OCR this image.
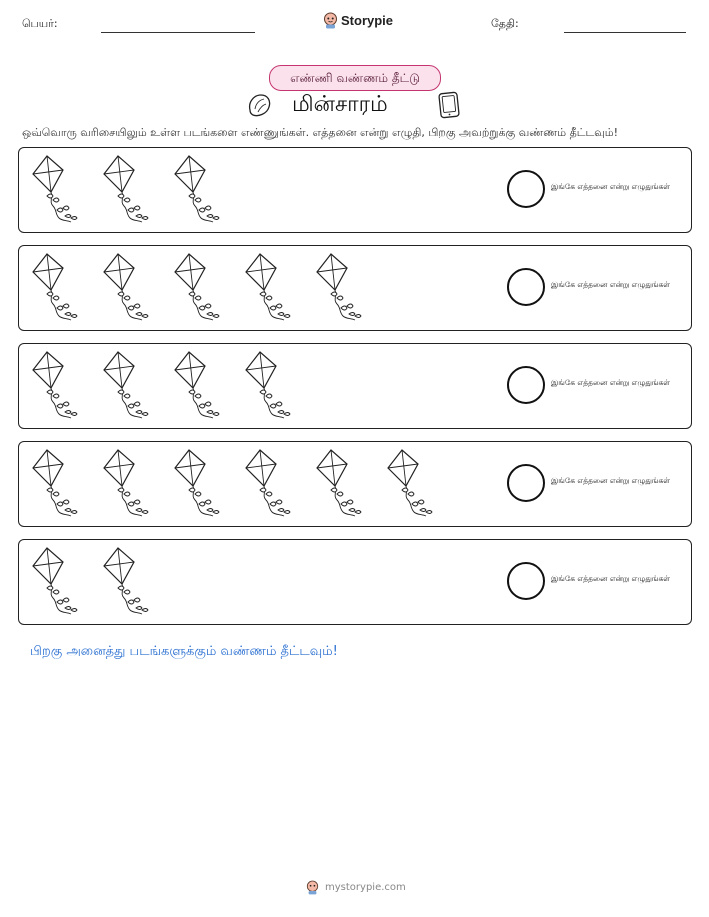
பெயர்:	Storypie	தேதி:
எண்ணி வண்ணம் தீட்டு
மின்சாரம்
ஒவ்வொரு வரிசையிலும் உள்ள படங்களை எண்ணுங்கள். எத்தனை என்று எழுதி, பிறகு அவற்றுக்கு வண்ணம் தீட்டவும்!
இங்கே எத்தனை என்று எழுதுங்கள்
இங்கே எத்தனை என்று எழுதுங்கள்
இங்கே எத்தனை என்று எழுதுங்கள்
இங்கே எத்தனை என்று எழுதுங்கள்
இங்கே எத்தனை என்று எழுதுங்கள்
பிறகு அனைத்து படங்களுக்கும் வண்ணம் தீட்டவும்!
mystorypie.com
